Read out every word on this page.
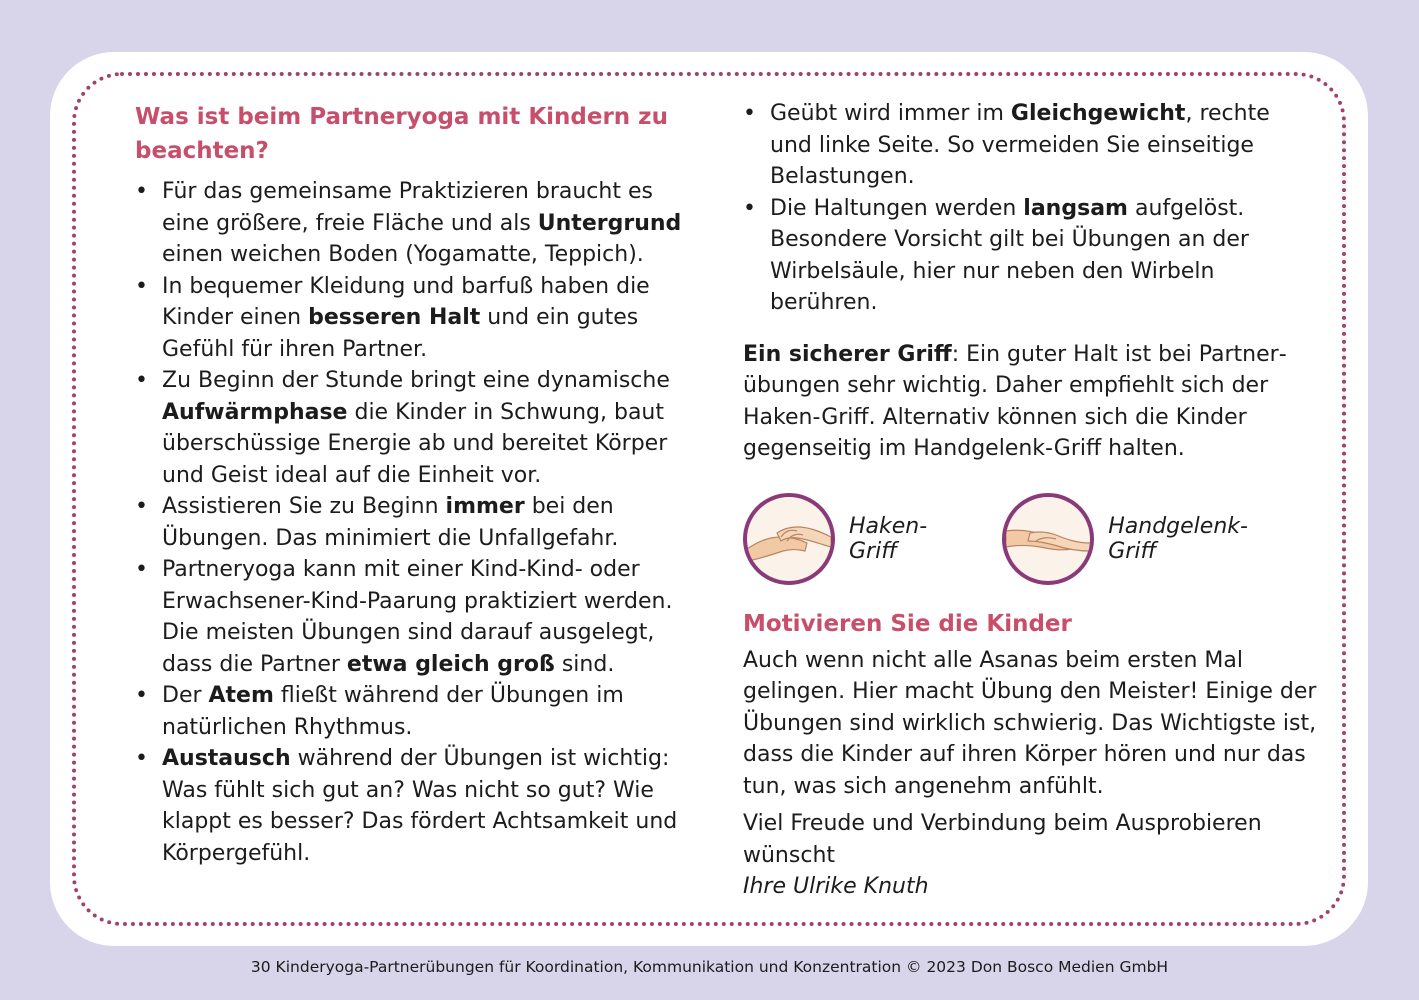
Was ist beim Partneryoga mit Kindern zu beachten?
• Für das gemeinsame Praktizieren braucht es eine größere, freie Fläche und als Untergrund einen weichen Boden (Yogamatte, Teppich).
• In bequemer Kleidung und barfuß haben die Kinder einen besseren Halt und ein gutes Gefühl für ihren Partner.
• Zu Beginn der Stunde bringt eine dynamische Aufwärmphase die Kinder in Schwung, baut überschüssige Energie ab und bereitet Körper und Geist ideal auf die Einheit vor.
• Assistieren Sie zu Beginn immer bei den Übungen. Das minimiert die Unfallgefahr.
• Partneryoga kann mit einer Kind-Kind- oder Erwachsener-Kind-Paarung praktiziert werden. Die meisten Übungen sind darauf ausgelegt, dass die Partner etwa gleich groß sind.
• Der Atem fließt während der Übungen im natürlichen Rhythmus.
• Austausch während der Übungen ist wichtig: Was fühlt sich gut an? Was nicht so gut? Wie klappt es besser? Das fördert Achtsamkeit und Körpergefühl.
• Geübt wird immer im Gleichgewicht, rechte und linke Seite. So vermeiden Sie einseitige Belastungen.
• Die Haltungen werden langsam aufgelöst. Besondere Vorsicht gilt bei Übungen an der Wirbelsäule, hier nur neben den Wirbeln berühren.

Ein sicherer Griff: Ein guter Halt ist bei Partnerübungen sehr wichtig. Daher empfiehlt sich der Haken-Griff. Alternativ können sich die Kinder gegenseitig im Handgelenk-Griff halten.

Haken-Griff
Handgelenk-Griff
Motivieren Sie die Kinder

Auch wenn nicht alle Asanas beim ersten Mal gelingen. Hier macht Übung den Meister! Einige der Übungen sind wirklich schwierig. Das Wichtigste ist, dass die Kinder auf ihren Körper hören und nur das tun, was sich angenehm anfühlt.

Viel Freude und Verbindung beim Ausprobieren wünscht

Ihre Ulrike Knuth

30 Kinderyoga-Partnerübungen für Koordination, Kommunikation und Konzentration © 2023 Don Bosco Medien GmbH
